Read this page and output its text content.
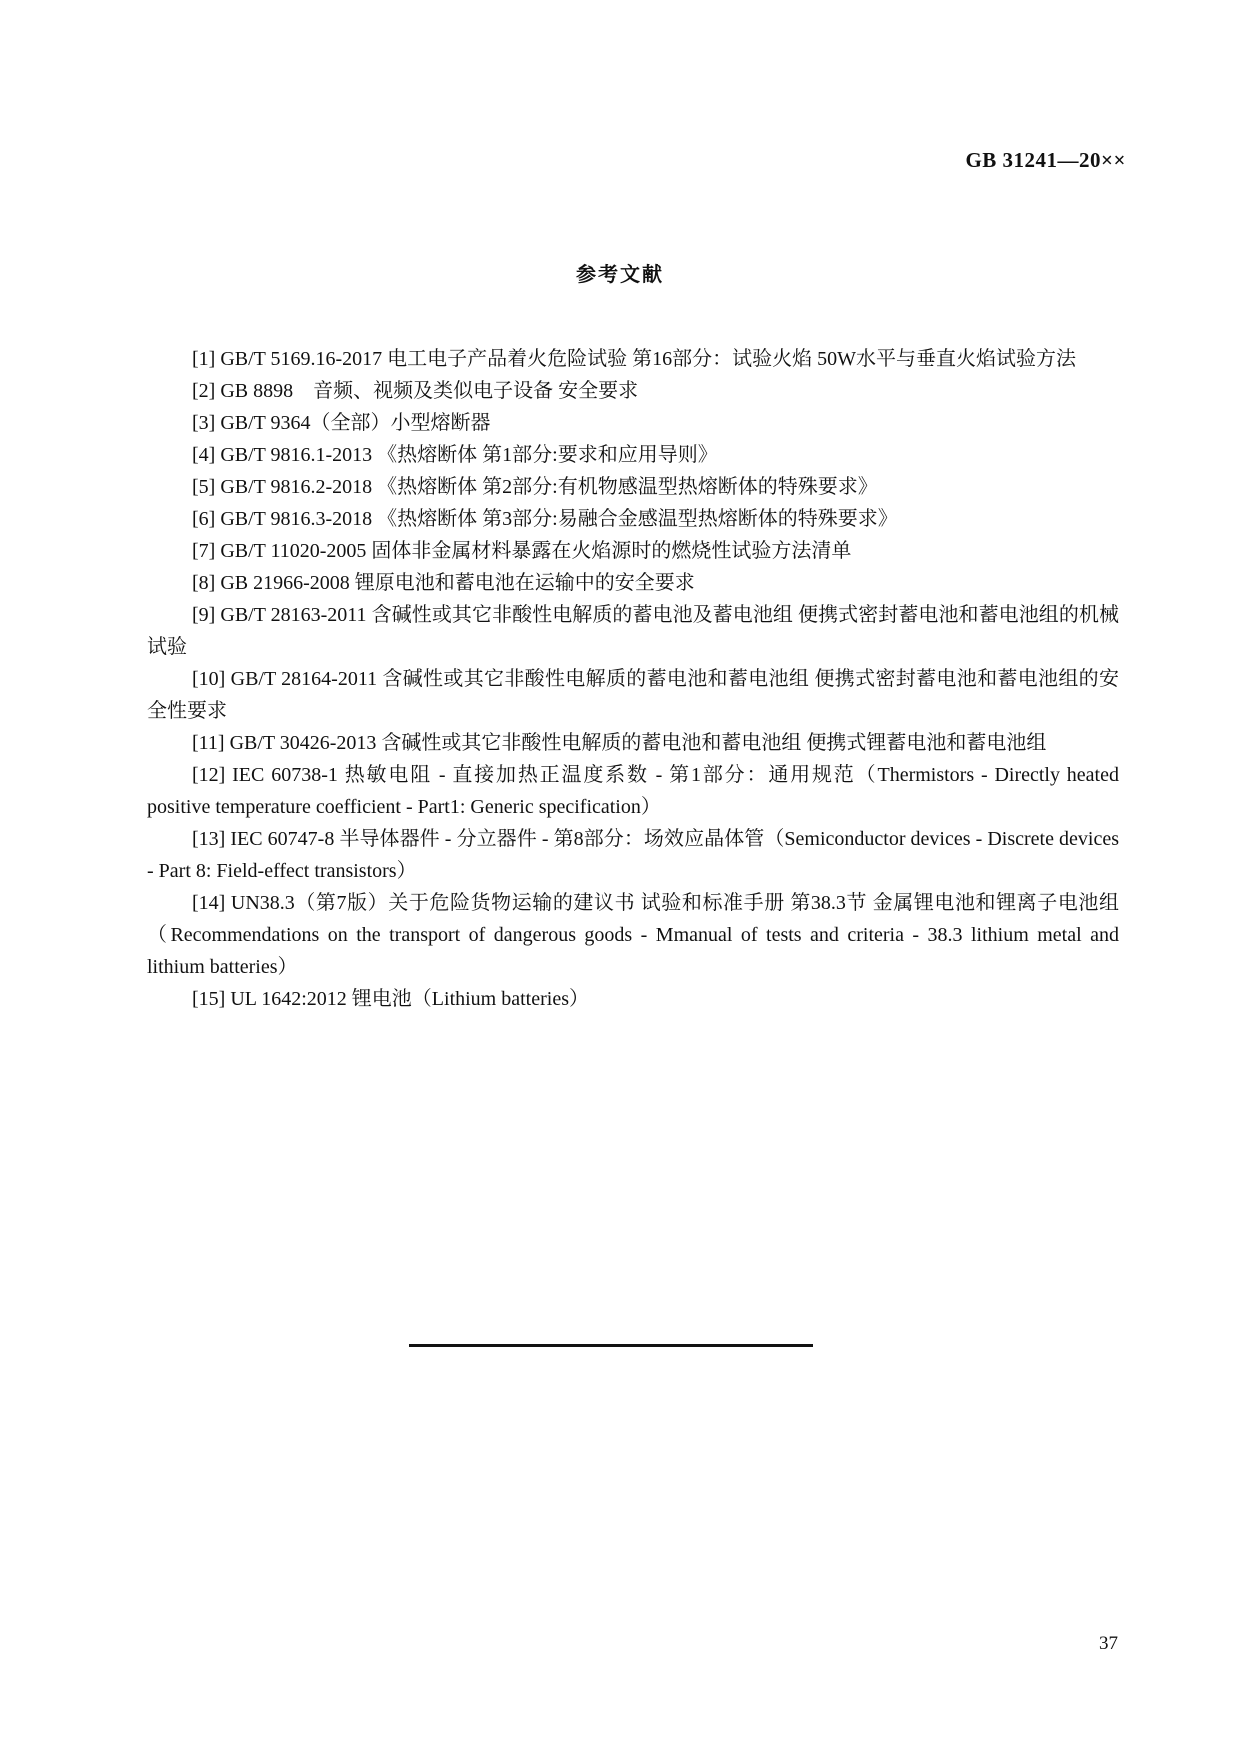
GB 31241—20××
参考文献
[1] GB/T 5169.16-2017 电工电子产品着火危险试验 第16部分：试验火焰 50W水平与垂直火焰试验方法
[2] GB 8898　音频、视频及类似电子设备 安全要求
[3] GB/T 9364（全部）小型熔断器
[4] GB/T 9816.1-2013 《热熔断体 第1部分:要求和应用导则》
[5] GB/T 9816.2-2018 《热熔断体 第2部分:有机物感温型热熔断体的特殊要求》
[6] GB/T 9816.3-2018 《热熔断体 第3部分:易融合金感温型热熔断体的特殊要求》
[7] GB/T 11020-2005 固体非金属材料暴露在火焰源时的燃烧性试验方法清单
[8] GB 21966-2008 锂原电池和蓄电池在运输中的安全要求
[9] GB/T 28163-2011 含碱性或其它非酸性电解质的蓄电池及蓄电池组 便携式密封蓄电池和蓄电池组的机械试验
[10] GB/T 28164-2011 含碱性或其它非酸性电解质的蓄电池和蓄电池组 便携式密封蓄电池和蓄电池组的安全性要求
[11] GB/T 30426-2013 含碱性或其它非酸性电解质的蓄电池和蓄电池组 便携式锂蓄电池和蓄电池组
[12] IEC 60738-1 热敏电阻 - 直接加热正温度系数 - 第1部分：通用规范（Thermistors - Directly heated positive temperature coefficient - Part1: Generic specification）
[13] IEC 60747-8 半导体器件 - 分立器件 - 第8部分：场效应晶体管（Semiconductor devices - Discrete devices - Part 8: Field-effect transistors）
[14] UN38.3（第7版）关于危险货物运输的建议书 试验和标准手册 第38.3节 金属锂电池和锂离子电池组（Recommendations on the transport of dangerous goods - Mmanual of tests and criteria - 38.3 lithium metal and lithium batteries）
[15] UL 1642:2012 锂电池（Lithium batteries）
37
